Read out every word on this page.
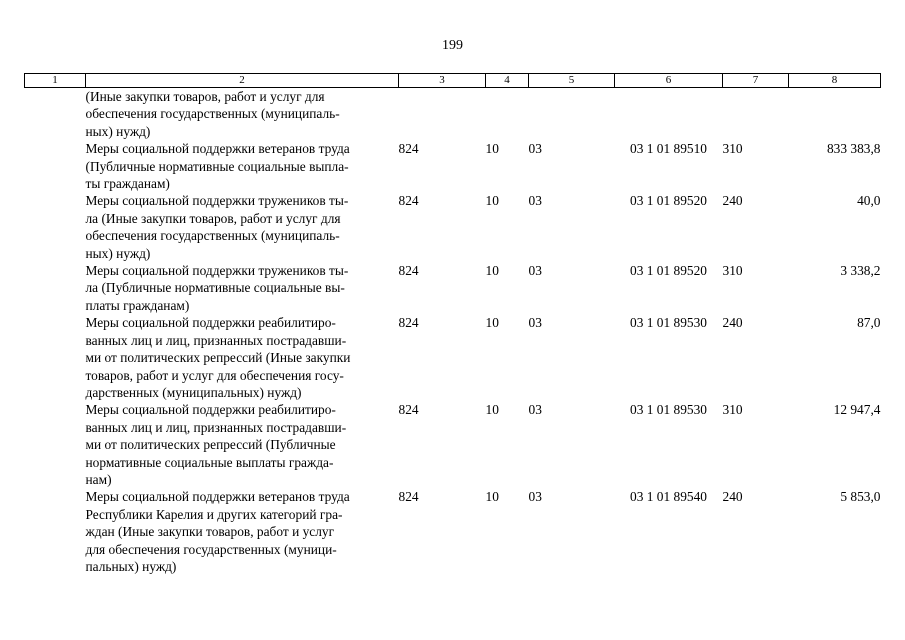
199
1	2	3	4	5	6	7	8
	(Иные закупки товаров, работ и услуг для
обеспечения государственных (муниципаль-
ных) нужд)						
	Меры социальной поддержки ветеранов труда
(Публичные нормативные социальные выпла-
ты гражданам)	824	10	03	03 1 01 89510	310	833 383,8
	Меры социальной поддержки тружеников ты-
ла (Иные закупки товаров, работ и услуг для
обеспечения государственных (муниципаль-
ных) нужд)	824	10	03	03 1 01 89520	240	40,0
	Меры социальной поддержки тружеников ты-
ла (Публичные нормативные социальные вы-
платы гражданам)	824	10	03	03 1 01 89520	310	3 338,2
	Меры социальной поддержки реабилитиро-
ванных лиц и лиц, признанных пострадавши-
ми от политических репрессий (Иные закупки
товаров, работ и услуг для обеспечения госу-
дарственных (муниципальных) нужд)	824	10	03	03 1 01 89530	240	87,0
	Меры социальной поддержки реабилитиро-
ванных лиц и лиц, признанных пострадавши-
ми от политических репрессий (Публичные
нормативные социальные выплаты гражда-
нам)	824	10	03	03 1 01 89530	310	12 947,4
	Меры социальной поддержки ветеранов труда
Республики Карелия и других категорий гра-
ждан (Иные закупки товаров, работ и услуг
для обеспечения государственных (муници-
пальных) нужд)	824	10	03	03 1 01 89540	240	5 853,0
